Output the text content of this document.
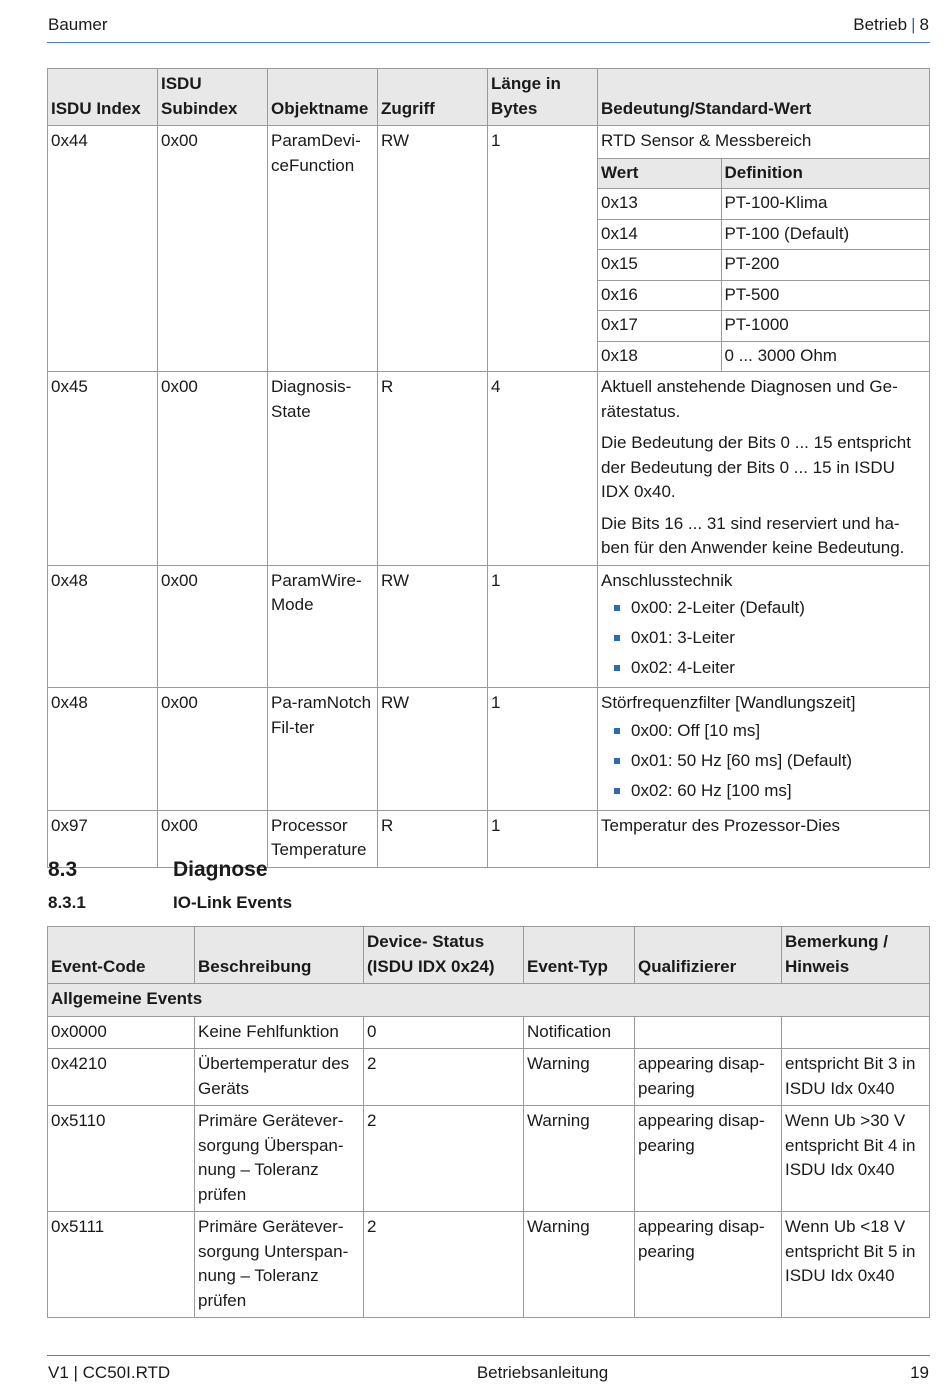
Baumer	Betrieb | 8
ISDU Index	ISDU Subindex	Objektname	Zugriff	Länge in Bytes	Bedeutung/Standard-Wert
0x44	0x00	ParamDevi-ceFunction	RW	1	RTD Sensor & Messbereich
Wert	Definition
0x13	PT-100-Klima
0x14	PT-100 (Default)
0x15	PT-200
0x16	PT-500
0x17	PT-1000
0x18	0 ... 3000 Ohm

0x45	0x00	Diagnosis-State	R	4	Aktuell anstehende Diagnosen und Ge-rätestatus.

Die Bedeutung der Bits 0 ... 15 entspricht der Bedeutung der Bits 0 ... 15 in ISDU IDX 0x40.

Die Bits 16 ... 31 sind reserviert und ha-ben für den Anwender keine Bedeutung.

0x48	0x00	ParamWire-Mode	RW	1	Anschlusstechnik
0x00: 2-Leiter (Default)
0x01: 3-Leiter
0x02: 4-Leiter

0x48	0x00	Pa-ramNotchFil-ter	RW	1	Störfrequenzfilter [Wandlungszeit]
0x00: Off [10 ms]
0x01: 50 Hz [60 ms] (Default)
0x02: 60 Hz [100 ms]

0x97	0x00	Processor Temperature	R	1	Temperatur des Prozessor-Dies
8.3	Diagnose
8.3.1	IO-Link Events
Event-Code	Beschreibung	Device- Status (ISDU IDX 0x24)	Event-Typ	Qualifizierer	Bemerkung / Hinweis
Allgemeine Events					
0x0000	Keine Fehlfunktion	0	Notification		
0x4210	Übertemperatur des Geräts	2	Warning	appearing disap-pearing	entspricht Bit 3 in ISDU Idx 0x40
0x5110	Primäre Gerätever-sorgung Überspan-nung – Toleranz prüfen	2	Warning	appearing disap-pearing	Wenn Ub >30 V entspricht Bit 4 in ISDU Idx 0x40
0x5111	Primäre Gerätever-sorgung Unterspan-nung – Toleranz prüfen	2	Warning	appearing disap-pearing	Wenn Ub <18 V entspricht Bit 5 in ISDU Idx 0x40
V1 | CC50I.RTD	Betriebsanleitung	19
